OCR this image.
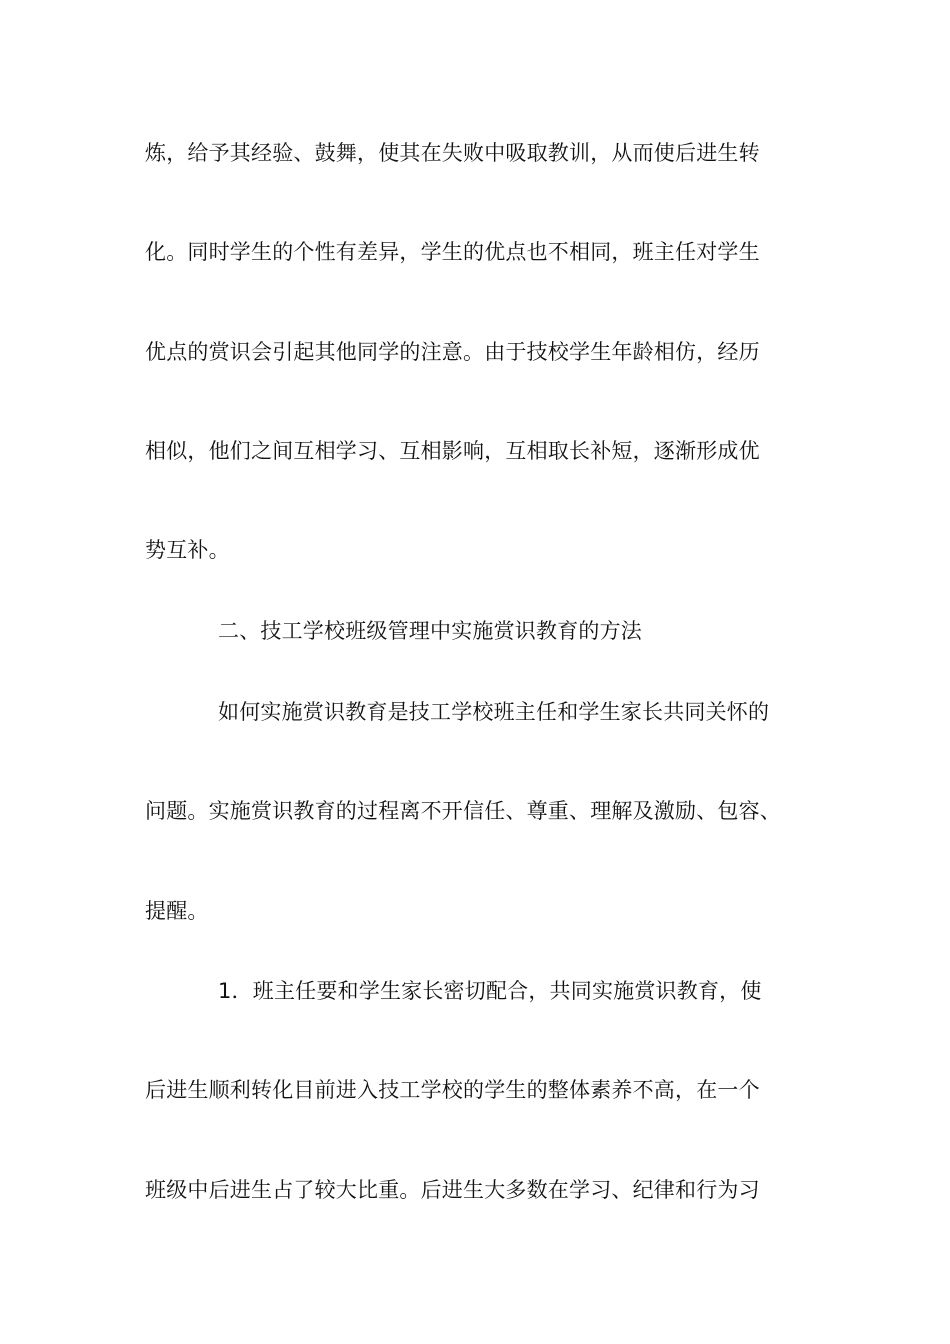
炼，给予其经验、鼓舞，使其在失败中吸取教训，从而使后进生转
化。同时学生的个性有差异，学生的优点也不相同，班主任对学生
优点的赏识会引起其他同学的注意。由于技校学生年龄相仿，经历
相似，他们之间互相学习、互相影响，互相取长补短，逐渐形成优
势互补。
二、技工学校班级管理中实施赏识教育的方法
如何实施赏识教育是技工学校班主任和学生家长共同关怀的
问题。实施赏识教育的过程离不开信任、尊重、理解及激励、包容、
提醒。
1．班主任要和学生家长密切配合，共同实施赏识教育，使
后进生顺利转化目前进入技工学校的学生的整体素养不高，在一个
班级中后进生占了较大比重。后进生大多数在学习、纪律和行为习
